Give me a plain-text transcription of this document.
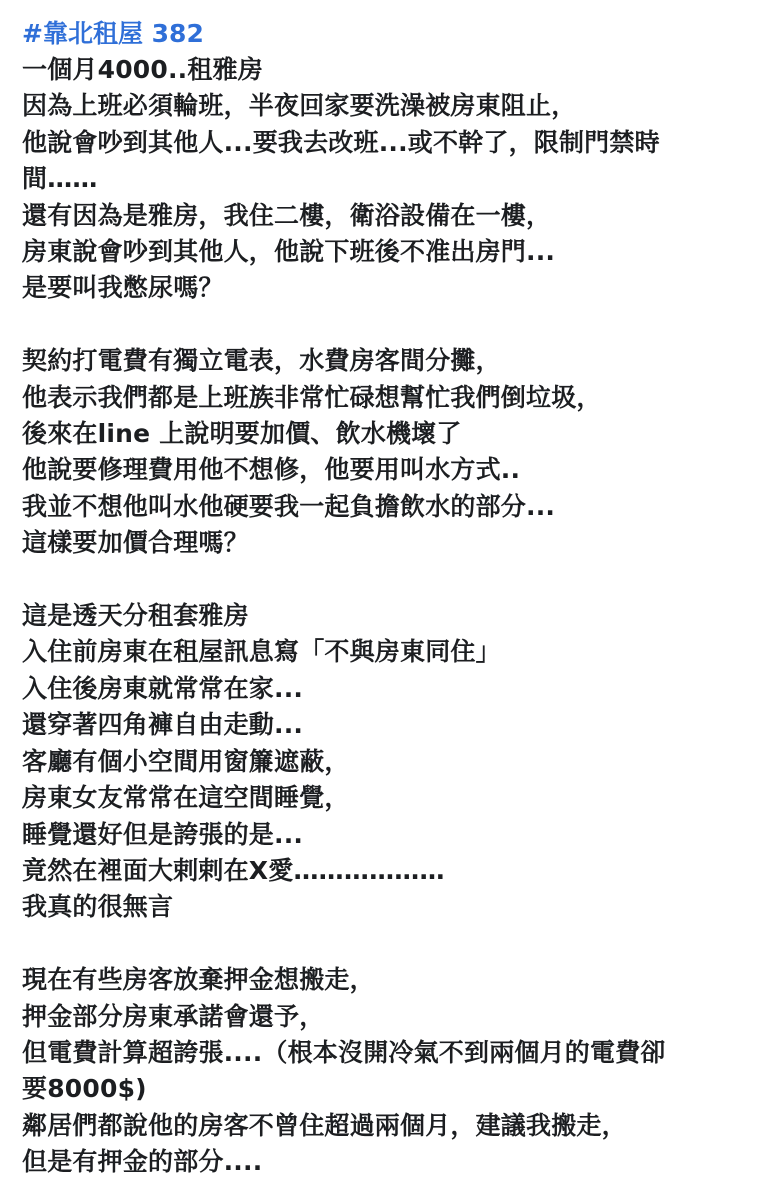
#靠北租屋 382
一個月4000..租雅房
因為上班必須輪班，半夜回家要洗澡被房東阻止，
他說會吵到其他人...要我去改班...或不幹了，限制門禁時
間……
還有因為是雅房，我住二樓，衛浴設備在一樓，
房東說會吵到其他人，他說下班後不准出房門...
是要叫我憋尿嗎？
契約打電費有獨立電表，水費房客間分攤，
他表示我們都是上班族非常忙碌想幫忙我們倒垃圾，
後來在line 上說明要加價、飲水機壞了
他說要修理費用他不想修，他要用叫水方式..
我並不想他叫水他硬要我一起負擔飲水的部分...
這樣要加價合理嗎？
這是透天分租套雅房
入住前房東在租屋訊息寫「不與房東同住」
入住後房東就常常在家...
還穿著四角褲自由走動...
客廳有個小空間用窗簾遮蔽，
房東女友常常在這空間睡覺，
睡覺還好但是誇張的是...
竟然在裡面大剌剌在X愛………………
我真的很無言
現在有些房客放棄押金想搬走，
押金部分房東承諾會還予，
但電費計算超誇張....（根本沒開冷氣不到兩個月的電費卻
要8000$)
鄰居們都說他的房客不曾住超過兩個月，建議我搬走，
但是有押金的部分....
